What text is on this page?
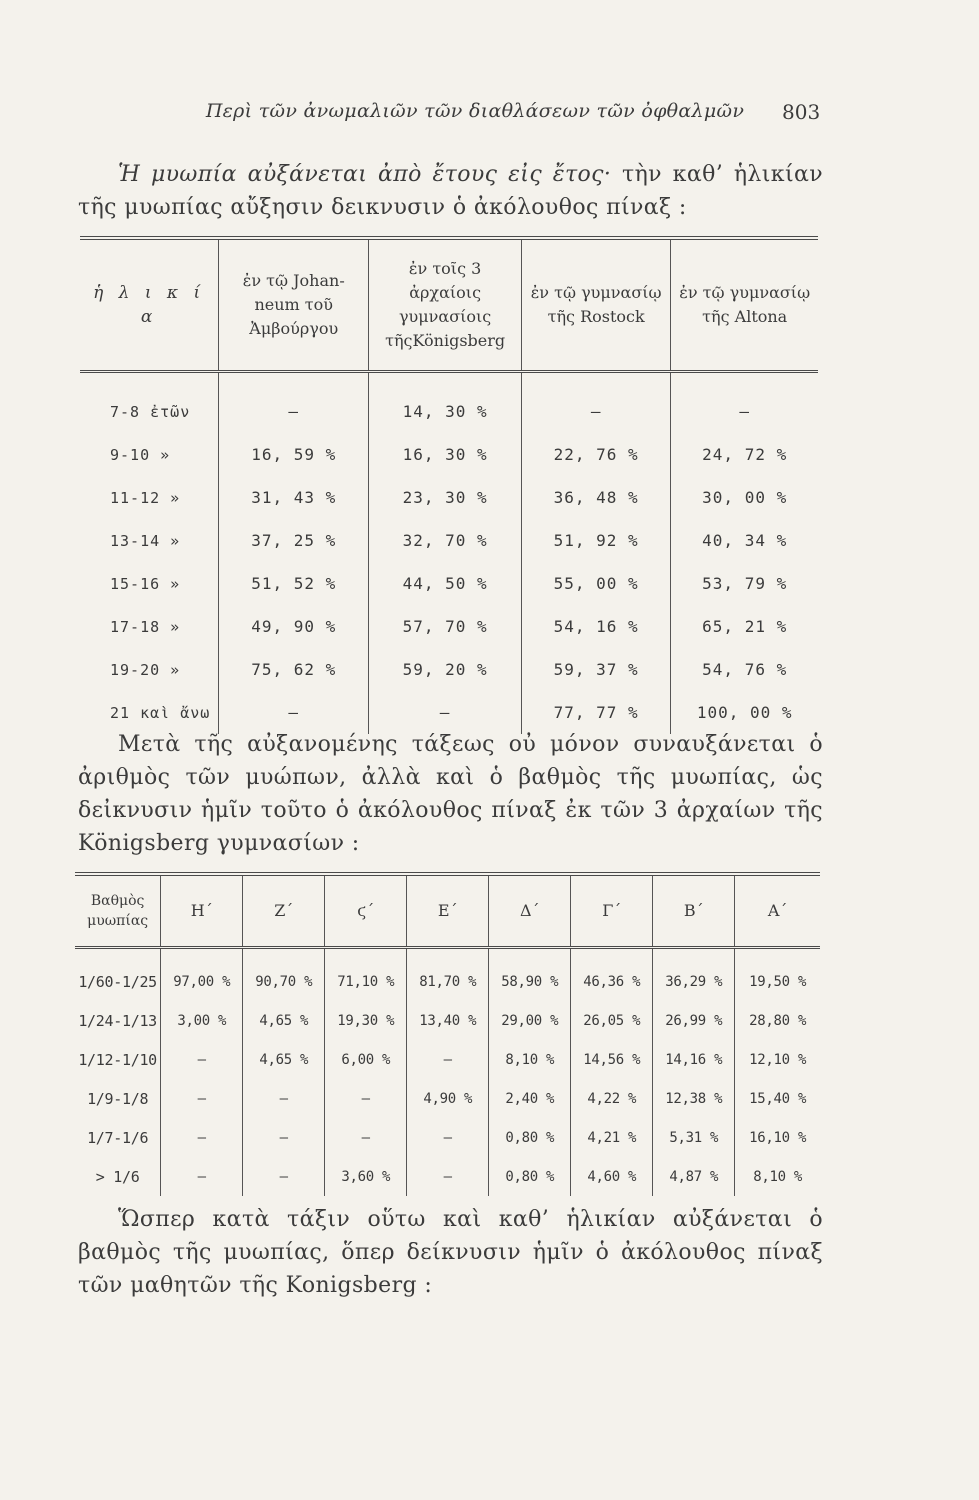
Περὶ τῶν ἀνωμαλιῶν τῶν διαθλάσεων τῶν ὀφθαλμῶν	803
Ἡ μυωπία αὐξάνεται ἀπὸ ἔτους εἰς ἔτος· τὴν καθ’ ἡλικίαν τῆς μυωπίας αὔξησιν δεικνυσιν ὁ ἀκόλουθος πίναξ :
ἡ λ ι κ ί α	ἐν τῷ Johan-neum τοῦ Ἀμβούργου	ἐν τοῖς 3 ἀρχαίοις γυμνασίοις τῆςKönigsberg	ἐν τῷ γυμνασίῳ τῆς Rostock	ἐν τῷ γυμνασίῳ τῆς Altona
7-8 ἐτῶν	—	14, 30 %	—	—
9-10 »	16, 59 %	16, 30 %	22, 76 %	24, 72 %
11-12 »	31, 43 %	23, 30 %	36, 48 %	30, 00 %
13-14 »	37, 25 %	32, 70 %	51, 92 %	40, 34 %
15-16 »	51, 52 %	44, 50 %	55, 00 %	53, 79 %
17-18 »	49, 90 %	57, 70 %	54, 16 %	65, 21 %
19-20 »	75, 62 %	59, 20 %	59, 37 %	54, 76 %
21 καὶ ἄνω	—	—	77, 77 %	100, 00 %
Μετὰ τῆς αὐξανομένης τάξεως οὐ μόνον συναυξάνεται ὁ ἀριθμὸς τῶν μυώπων, ἀλλὰ καὶ ὁ βαθμὸς τῆς μυωπίας, ὡς δεἰκνυσιν ἡμῖν τοῦτο ὁ ἀκόλουθος πίναξ ἐκ τῶν 3 ἀρχαίων τῆς Königsberg γυμνασίων :
Βαθμὸς μυωπίας	Η΄	Ζ΄	ϛ΄	Ε΄	Δ΄	Γ΄	Β΄	Α΄
1/60-1/25	97,00 %	90,70 %	71,10 %	81,70 %	58,90 %	46,36 %	36,29 %	19,50 %
1/24-1/13	3,00 %	4,65 %	19,30 %	13,40 %	29,00 %	26,05 %	26,99 %	28,80 %
1/12-1/10	—	4,65 %	6,00 %	—	8,10 %	14,56 %	14,16 %	12,10 %
1/9-1/8	—	—	—	4,90 %	2,40 %	4,22 %	12,38 %	15,40 %
1/7-1/6	—	—	—	—	0,80 %	4,21 %	5,31 %	16,10 %
> 1/6	—	—	3,60 %	—	0,80 %	4,60 %	4,87 %	8,10 %
Ὥσπερ κατὰ τάξιν οὕτω καὶ καθ’ ἡλικίαν αὐξάνεται ὁ βαθμὸς τῆς μυωπίας, ὅπερ δείκνυσιν ἡμῖν ὁ ἀκόλουθος πίναξ τῶν μαθητῶν τῆς Konigsberg :
